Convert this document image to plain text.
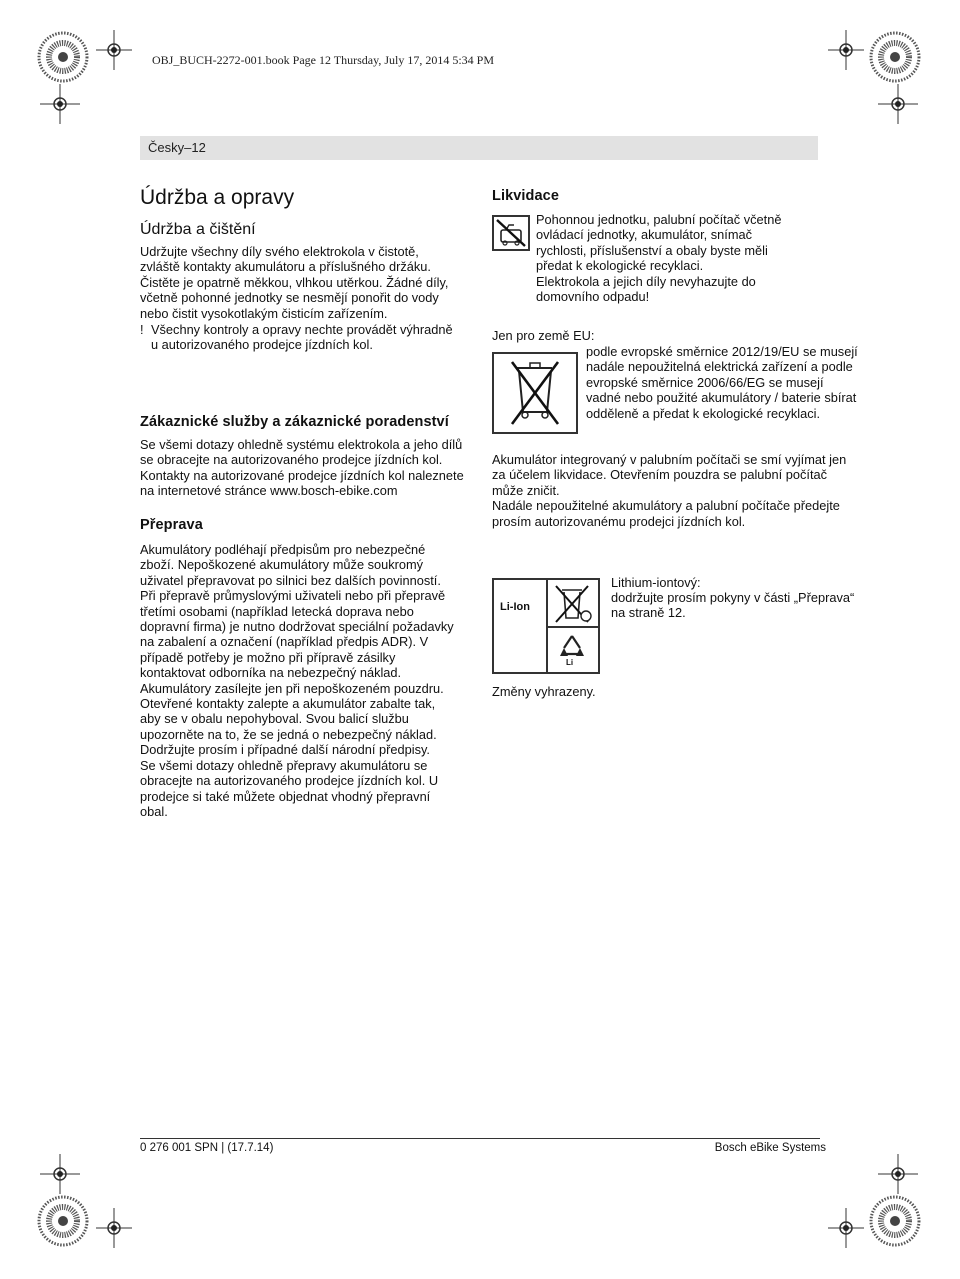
OBJ_BUCH-2272-001.book Page 12 Thursday, July 17, 2014 5:34 PM
Česky–12
Údržba a opravy
Údržba a čištění
Udržujte všechny díly svého elektrokola v čistotě,
zvláště kontakty akumulátoru a příslušného držáku.
Čistěte je opatrně měkkou, vlhkou utěrkou. Žádné díly,
včetně pohonné jednotky se nesmějí ponořit do vody
nebo čistit vysokotlakým čisticím zařízením.
! Všechny kontroly a opravy nechte provádět výhradně
u autorizovaného prodejce jízdních kol.
Zákaznické služby a zákaznické poradenství
Se všemi dotazy ohledně systému elektrokola a jeho dílů
se obracejte na autorizovaného prodejce jízdních kol.
Kontakty na autorizované prodejce jízdních kol naleznete
na internetové stránce www.bosch-ebike.com
Přeprava
Akumulátory podléhají předpisům pro nebezpečné
zboží. Nepoškozené akumulátory může soukromý
uživatel přepravovat po silnici bez dalších povinností.
Při přepravě průmyslovými uživateli nebo při přepravě
třetími osobami (například letecká doprava nebo
dopravní firma) je nutno dodržovat speciální požadavky
na zabalení a označení (například předpis ADR). V
případě potřeby je možno při přípravě zásilky
kontaktovat odborníka na nebezpečný náklad.
Akumulátory zasílejte jen při nepoškozeném pouzdru.
Otevřené kontakty zalepte a akumulátor zabalte tak,
aby se v obalu nepohyboval. Svou balicí službu
upozorněte na to, že se jedná o nebezpečný náklad.
Dodržujte prosím i případné další národní předpisy.
Se všemi dotazy ohledně přepravy akumulátoru se
obracejte na autorizovaného prodejce jízdních kol. U
prodejce si také můžete objednat vhodný přepravní
obal.
Likvidace
Pohonnou jednotku, palubní počítač včetně
ovládací jednotky, akumulátor, snímač
rychlosti, příslušenství a obaly byste měli
předat k ekologické recyklaci.
Elektrokola a jejich díly nevyhazujte do
domovního odpadu!
Jen pro země EU:
podle evropské směrnice 2012/19/EU se musejí
nadále nepoužitelná elektrická zařízení a podle
evropské směrnice 2006/66/EG se musejí
vadné nebo použité akumulátory / baterie sbírat
odděleně a předat k ekologické recyklaci.
Akumulátor integrovaný v palubním počítači se smí vyjímat jen
za účelem likvidace. Otevřením pouzdra se palubní počítač
může zničit.
Nadále nepoužitelné akumulátory a palubní počítače předejte
prosím autorizovanému prodejci jízdních kol.
Li-Ion
Li
Lithium-iontový:
dodržujte prosím pokyny v části „Přeprava“
na straně 12.
Změny vyhrazeny.
0 276 001 SPN | (17.7.14)	Bosch eBike Systems
